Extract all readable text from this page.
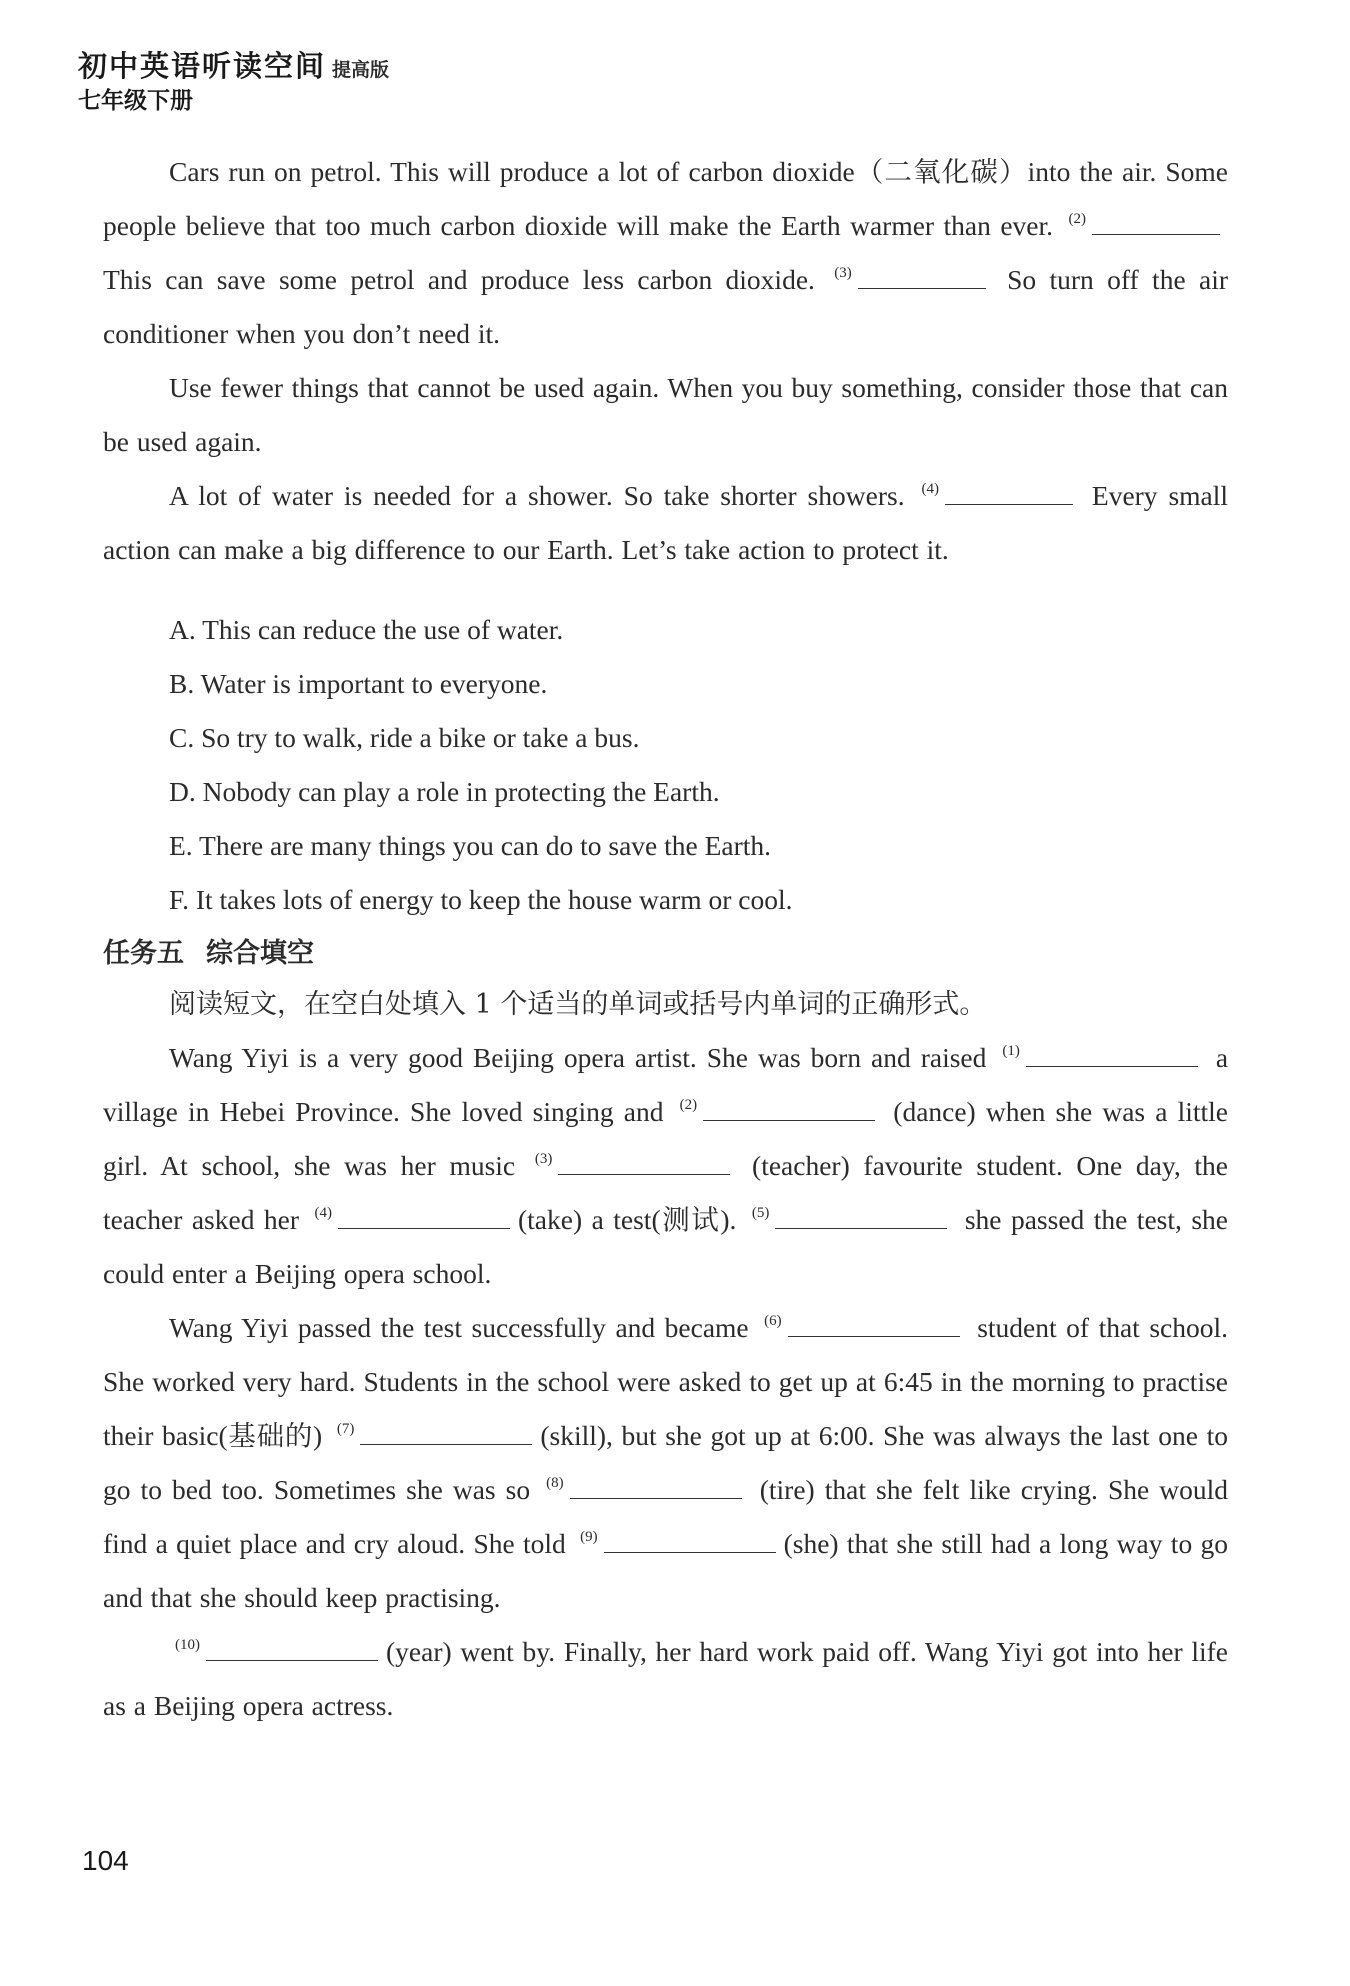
初中英语听读空间 提高版
七年级下册

Cars run on petrol. This will produce a lot of carbon dioxide（二氧化碳）into the air. Some people believe that too much carbon dioxide will make the Earth warmer than ever. $^{(2)}$ This can save some petrol and produce less carbon dioxide. $^{(3)}$	So turn off the air conditioner when you don’t need it.

Use fewer things that cannot be used again. When you buy something, consider those that can be used again.

A lot of water is needed for a shower. So take shorter showers. $^{(4)}$	Every small action can make a big difference to our Earth. Let’s take action to protect it.

A. This can reduce the use of water.

B. Water is important to everyone.

C. So try to walk, ride a bike or take a bus.

D. Nobody can play a role in protecting the Earth.

E. There are many things you can do to save the Earth.

F. It takes lots of energy to keep the house warm or cool.

任务五 综合填空

阅读短文，在空白处填入 1 个适当的单词或括号内单词的正确形式。

Wang Yiyi is a very good Beijing opera artist. She was born and raised $^{(1)}$	a village in Hebei Province. She loved singing and $^{(2)}$	(dance) when she was a little girl. At school, she was her music $^{(3)}$	(teacher) favourite student. One day, the teacher asked her $^{(4)}$	(take) a test(测试). $^{(5)}$	she passed the test, she could enter a Beijing opera school.

Wang Yiyi passed the test successfully and became $^{(6)}$	student of that school. She worked very hard. Students in the school were asked to get up at 6:45 in the morning to practise their basic(基础的) $^{(7)}$	(skill), but she got up at 6:00. She was always the last one to go to bed too. Sometimes she was so $^{(8)}$	(tire) that she felt like crying. She would find a quiet place and cry aloud. She told $^{(9)}$	(she) that she still had a long way to go and that she should keep practising.

$^{(10)}$	(year) went by. Finally, her hard work paid off. Wang Yiyi got into her life as a Beijing opera actress.

104
